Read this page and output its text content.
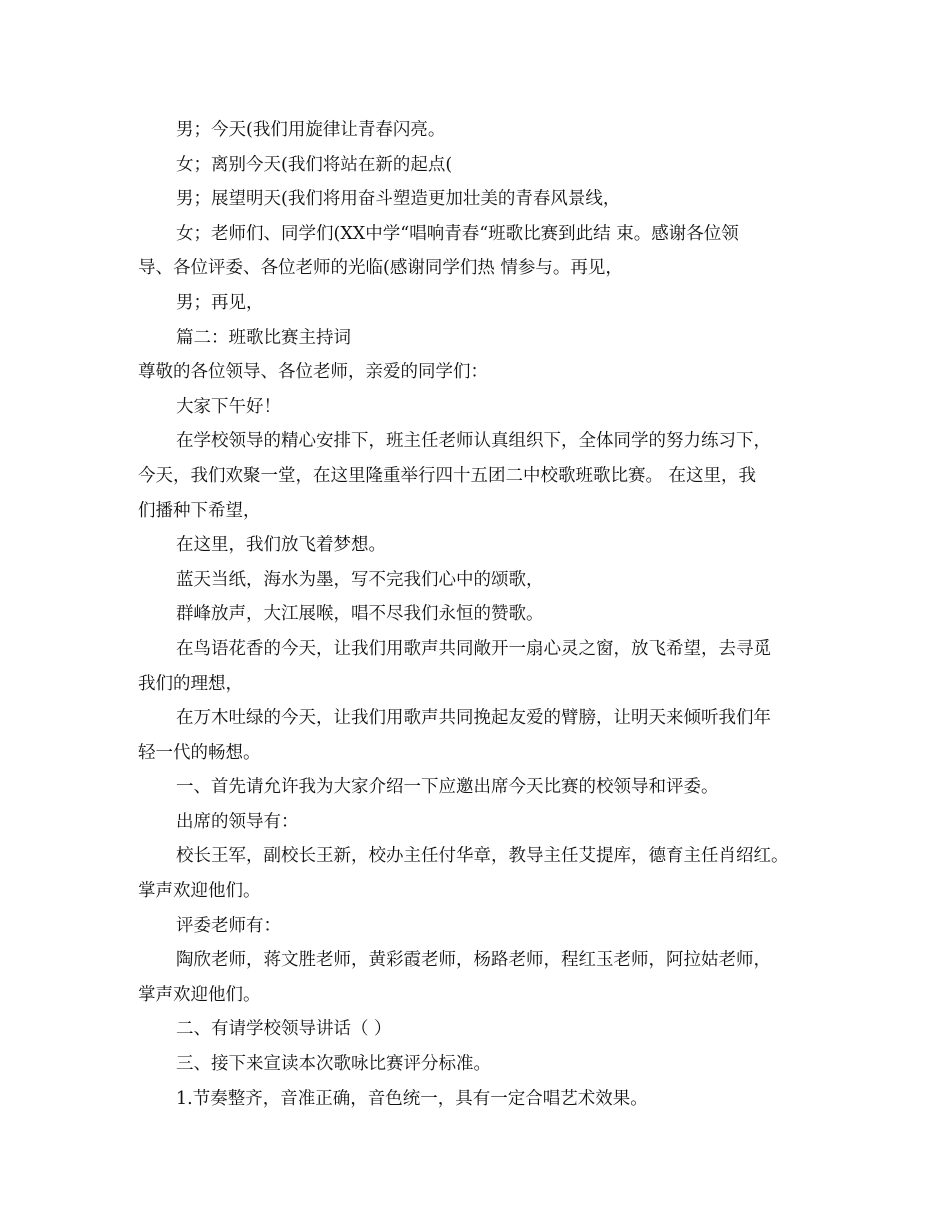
男；今天(我们用旋律让青春闪亮。
女；离别今天(我们将站在新的起点(
男；展望明天(我们将用奋斗塑造更加壮美的青春风景线，
女；老师们、同学们(XX中学“唱响青春“班歌比赛到此结 束。感谢各位领
导、各位评委、各位老师的光临(感谢同学们热 情参与。再见，
男；再见，
篇二：班歌比赛主持词
尊敬的各位领导、各位老师，亲爱的同学们：
大家下午好！
在学校领导的精心安排下，班主任老师认真组织下，全体同学的努力练习下，
今天，我们欢聚一堂，在这里隆重举行四十五团二中校歌班歌比赛。 在这里，我
们播种下希望，
在这里，我们放飞着梦想。
蓝天当纸，海水为墨，写不完我们心中的颂歌，
群峰放声，大江展喉，唱不尽我们永恒的赞歌。
在鸟语花香的今天，让我们用歌声共同敞开一扇心灵之窗，放飞希望，去寻觅
我们的理想，
在万木吐绿的今天，让我们用歌声共同挽起友爱的臂膀，让明天来倾听我们年
轻一代的畅想。
一、首先请允许我为大家介绍一下应邀出席今天比赛的校领导和评委。
出席的领导有：
校长王军，副校长王新，校办主任付华章，教导主任艾提库，德育主任肖绍红。
掌声欢迎他们。
评委老师有：
陶欣老师，蒋文胜老师，黄彩霞老师，杨路老师，程红玉老师，阿拉姑老师，
掌声欢迎他们。
二、有请学校领导讲话（ ）
三、接下来宣读本次歌咏比赛评分标准。
1.节奏整齐，音准正确，音色统一，具有一定合唱艺术效果。
